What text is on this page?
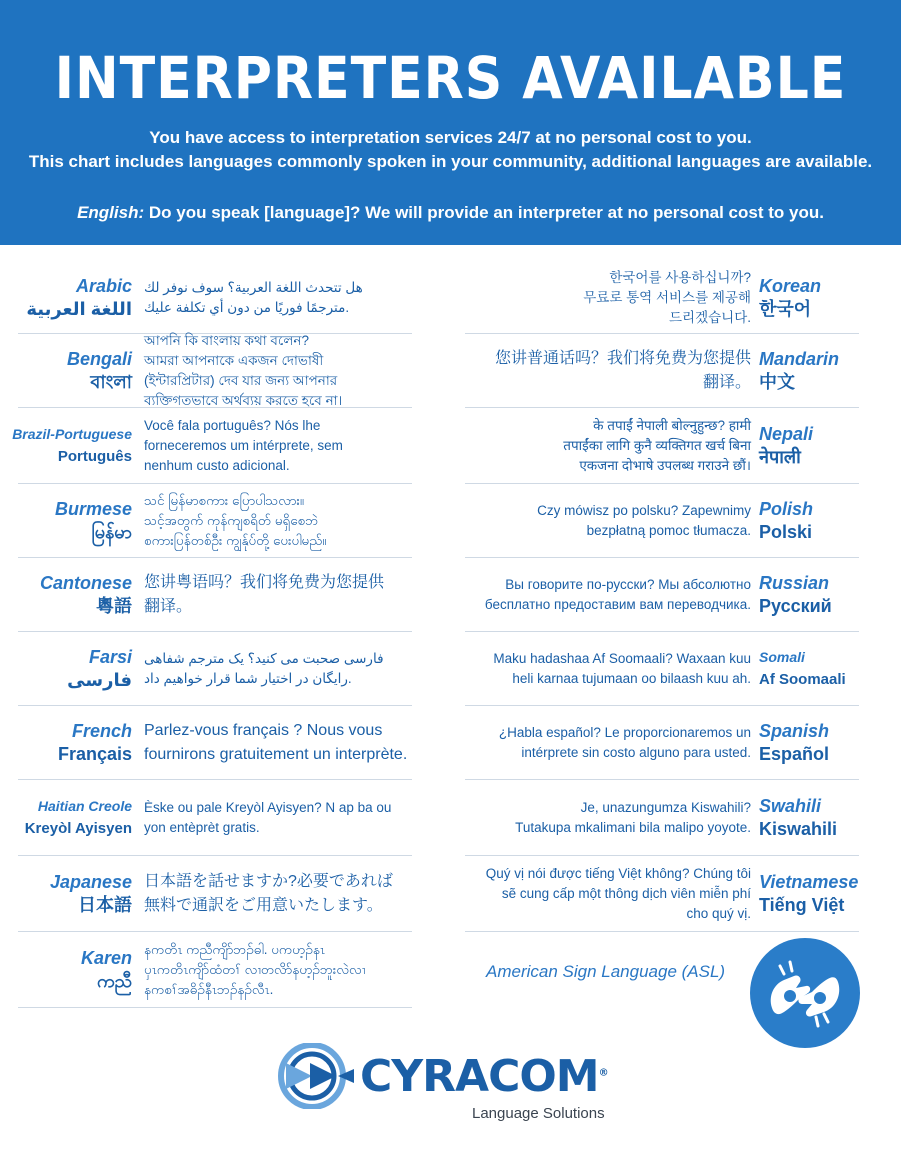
INTERPRETERS AVAILABLE
You have access to interpretation services 24/7 at no personal cost to you.
This chart includes languages commonly spoken in your community, additional languages are available.
English: Do you speak [language]? We will provide an interpreter at no personal cost to you.
هل تتحدث اللغة العربية؟ سوف نوفر لك
مترجمًا فوريًا من دون أي تكلفة عليك.
Arabic
اللغة العربية
আপনি কি বাংলায় কথা বলেন?
আমরা আপনাকে একজন দোভাষী
(ইন্টারপ্রিটার) দেব যার জন্য আপনার
ব্যক্তিগতভাবে অর্থব্যয় করতে হবে না।
Bengali
বাংলা
Você fala português? Nós lhe
forneceremos um intérprete, sem
nenhum custo adicional.
Brazil-Portuguese
Português
သင် မြန်မာစကား ပြောပါသလား။
သင့်အတွက် ကုန်ကျစရိတ် မရှိစေဘဲ
စကားပြန်တစ်ဦး ကျွန်ုပ်တို့ ပေးပါမည်။
Burmese
မြန်မာ
您讲粤语吗？我们将免费为您提供
翻译。
Cantonese
粵語
فارسی صحبت می کنید؟ یک مترجم شفاهی
رایگان در اختیار شما قرار خواهیم داد.
Farsi
فارسی
Parlez-vous français ? Nous vous
fournirons gratuitement un interprète.
French
Français
Èske ou pale Kreyòl Ayisyen? N ap ba ou
yon entèprèt gratis.
Haitian Creole
Kreyòl Ayisyen
日本語を話せますか?必要であれば
無料で通訳をご用意いたします。
Japanese
日本語
နကတိၤ ကညီကျိာ်ဘၣ်ဓါ. ပကဟ့ၣ်နၤ
ပှၤကတိၤကျိာ်ထံတၢ် လၢတလိာ်နဟ့ၣ်ဘူးလဲလၢ
နကစၢ်အဓိၣ်နီၤဘၣ်နၣ်လီၤ.
Karen
ကညီ
한국어를 사용하십니까?
무료로 통역 서비스를 제공해
드리겠습니다.
Korean
한국어
您讲普通话吗？我们将免费为您提供
翻译。
Mandarin
中文
के तपाईं नेपाली बोल्नुहुन्छ? हामी
तपाईंका लागि कुनै व्यक्तिगत खर्च बिना
एकजना दोभाषे उपलब्ध गराउने छौं।
Nepali
नेपाली
Czy mówisz po polsku? Zapewnimy
bezpłatną pomoc tłumacza.
Polish
Polski
Вы говорите по-русски? Мы абсолютно
бесплатно предоставим вам переводчика.
Russian
Русский
Maku hadashaa Af Soomaali? Waxaan kuu
heli karnaa tujumaan oo bilaash kuu ah.
Somali
Af Soomaali
¿Habla español? Le proporcionaremos un
intérprete sin costo alguno para usted.
Spanish
Español
Je, unazungumza Kiswahili?
Tutakupa mkalimani bila malipo yoyote.
Swahili
Kiswahili
Quý vị nói được tiếng Việt không? Chúng tôi
sẽ cung cấp một thông dịch viên miễn phí
cho quý vị.
Vietnamese
Tiếng Việt
American Sign Language (ASL)
CYRACOM®
Language Solutions
